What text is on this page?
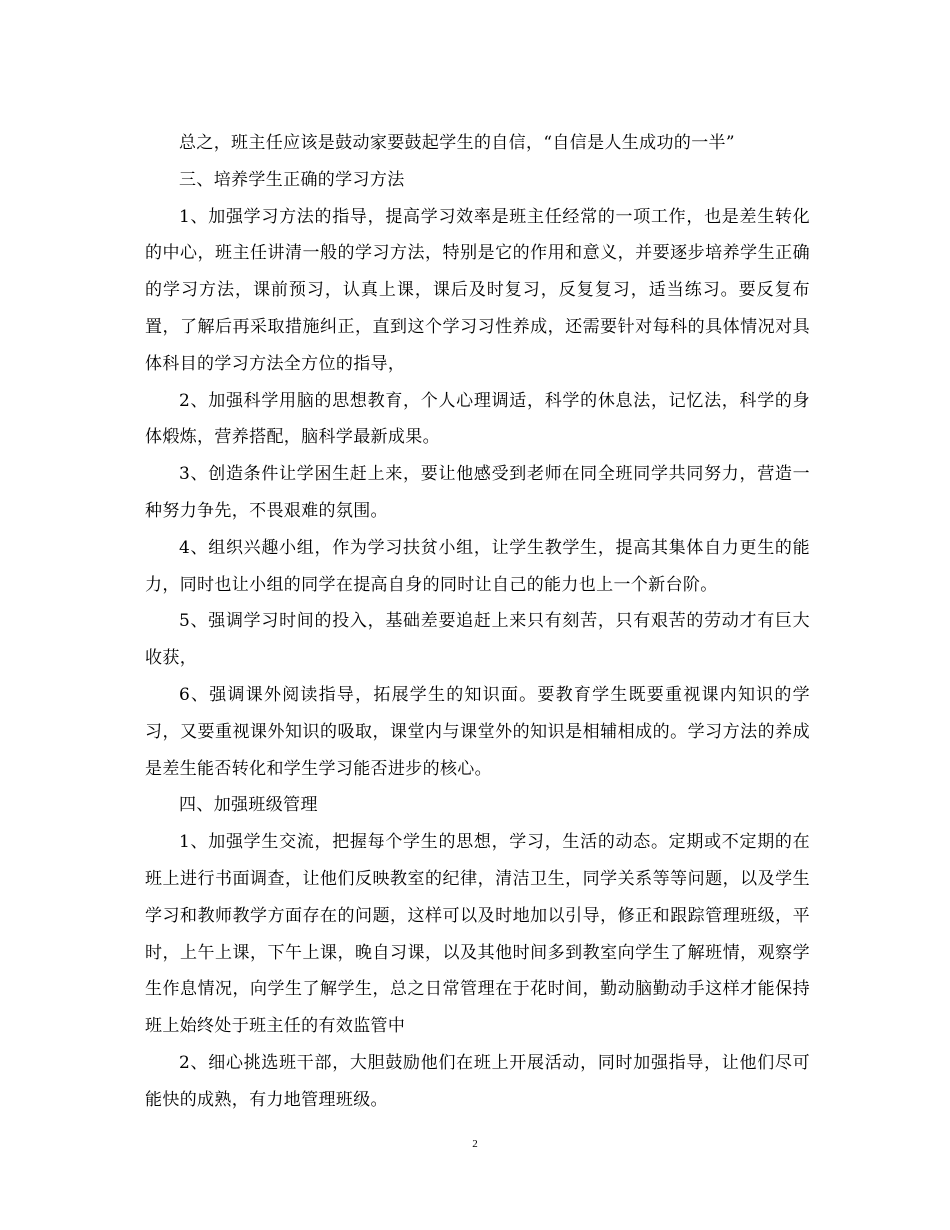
总之，班主任应该是鼓动家要鼓起学生的自信，“自信是人生成功的一半”

三、培养学生正确的学习方法

1、加强学习方法的指导，提高学习效率是班主任经常的一项工作，也是差生转化的中心，班主任讲清一般的学习方法，特别是它的作用和意义，并要逐步培养学生正确的学习方法，课前预习，认真上课，课后及时复习，反复复习，适当练习。要反复布置，了解后再采取措施纠正，直到这个学习习性养成，还需要针对每科的具体情况对具体科目的学习方法全方位的指导，

2、加强科学用脑的思想教育，个人心理调适，科学的休息法，记忆法，科学的身体煅炼，营养搭配，脑科学最新成果。

3、创造条件让学困生赶上来，要让他感受到老师在同全班同学共同努力，营造一种努力争先，不畏艰难的氛围。

4、组织兴趣小组，作为学习扶贫小组，让学生教学生，提高其集体自力更生的能力，同时也让小组的同学在提高自身的同时让自己的能力也上一个新台阶。

5、强调学习时间的投入，基础差要追赶上来只有刻苦，只有艰苦的劳动才有巨大收获，

6、强调课外阅读指导，拓展学生的知识面。要教育学生既要重视课内知识的学习，又要重视课外知识的吸取，课堂内与课堂外的知识是相辅相成的。学习方法的养成是差生能否转化和学生学习能否进步的核心。

四、加强班级管理

1、加强学生交流，把握每个学生的思想，学习，生活的动态。定期或不定期的在班上进行书面调查，让他们反映教室的纪律，清洁卫生，同学关系等等问题，以及学生学习和教师教学方面存在的问题，这样可以及时地加以引导，修正和跟踪管理班级，平时，上午上课，下午上课，晚自习课，以及其他时间多到教室向学生了解班情，观察学生作息情况，向学生了解学生，总之日常管理在于花时间，勤动脑勤动手这样才能保持班上始终处于班主任的有效监管中

2、细心挑选班干部，大胆鼓励他们在班上开展活动，同时加强指导，让他们尽可能快的成熟，有力地管理班级。

2
